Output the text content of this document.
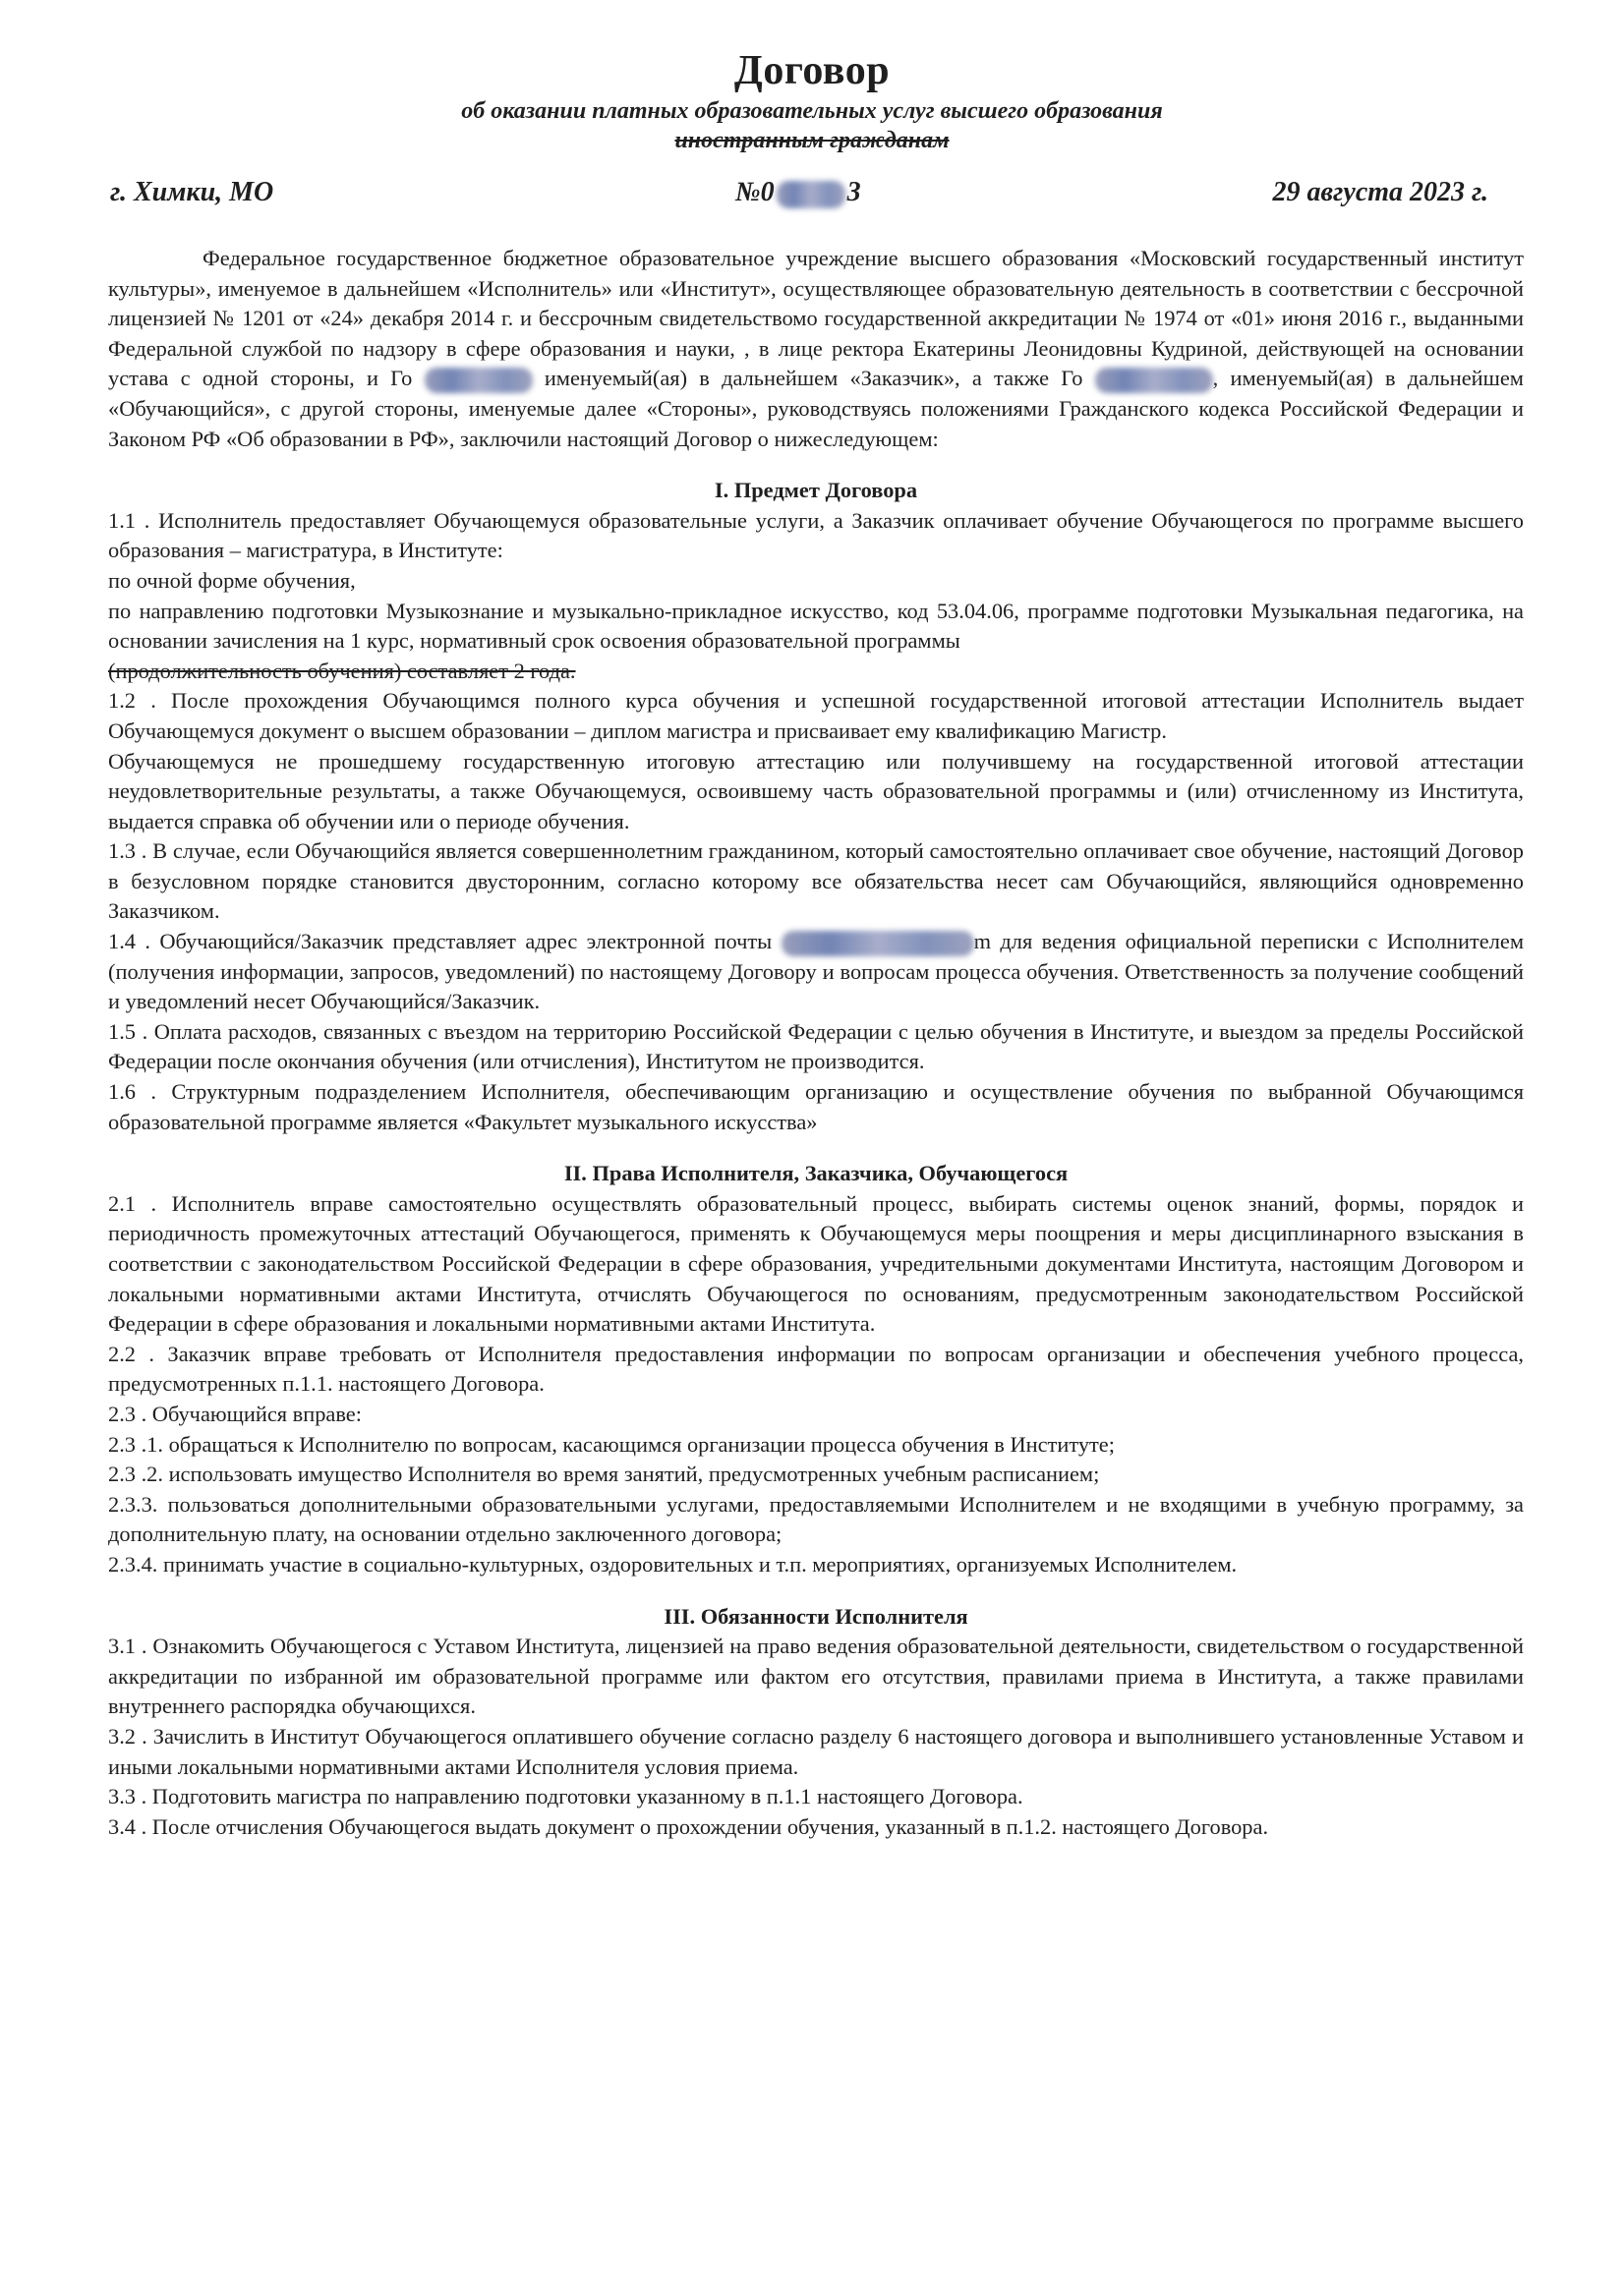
Договор
об оказании платных образовательных услуг высшего образования
иностранным гражданам
г. Химки, МО	№0	3	29 августа 2023 г.

Федеральное государственное бюджетное образовательное учреждение высшего образования «Московский государственный институт культуры», именуемое в дальнейшем «Исполнитель» или «Институт», осуществляющее образовательную деятельность в соответствии с бессрочной лицензией № 1201 от «24» декабря 2014 г. и бессрочным свидетельствомо государственной аккредитации № 1974 от «01» июня 2016 г., выданными Федеральной службой по надзору в сфере образования и науки, , в лице ректора Екатерины Леонидовны Кудриной, действующей на основании устава с одной стороны, и Го	именуемый(ая) в дальнейшем «Заказчик», а также Го	, именуемый(ая) в дальнейшем «Обучающийся», с другой стороны, именуемые далее «Стороны», руководствуясь положениями Гражданского кодекса Российской Федерации и Законом РФ «Об образовании в РФ», заключили настоящий Договор о нижеследующем:

I. Предмет Договора

1.1 . Исполнитель предоставляет Обучающемуся образовательные услуги, а Заказчик оплачивает обучение Обучающегося по программе высшего образования – магистратура, в Институте:

по очной форме обучения,

по направлению подготовки Музыкознание и музыкально-прикладное искусство, код 53.04.06, программе подготовки Музыкальная педагогика, на основании зачисления на 1 курс, нормативный срок освоения образовательной программы

(продолжительность обучения) составляет 2 года.

1.2 . После прохождения Обучающимся полного курса обучения и успешной государственной итоговой аттестации Исполнитель выдает Обучающемуся документ о высшем образовании – диплом магистра и присваивает ему квалификацию Магистр.

Обучающемуся не прошедшему государственную итоговую аттестацию или получившему на государственной итоговой аттестации неудовлетворительные результаты, а также Обучающемуся, освоившему часть образовательной программы и (или) отчисленному из Института, выдается справка об обучении или о периоде обучения.

1.3 . В случае, если Обучающийся является совершеннолетним гражданином, который самостоятельно оплачивает свое обучение, настоящий Договор в безусловном порядке становится двусторонним, согласно которому все обязательства несет сам Обучающийся, являющийся одновременно Заказчиком.

1.4 . Обучающийся/Заказчик представляет адрес электронной почты	m для ведения официальной переписки с Исполнителем (получения информации, запросов, уведомлений) по настоящему Договору и вопросам процесса обучения. Ответственность за получение сообщений и уведомлений несет Обучающийся/Заказчик.

1.5 . Оплата расходов, связанных с въездом на территорию Российской Федерации с целью обучения в Институте, и выездом за пределы Российской Федерации после окончания обучения (или отчисления), Институтом не производится.

1.6 . Структурным подразделением Исполнителя, обеспечивающим организацию и осуществление обучения по выбранной Обучающимся образовательной программе является «Факультет музыкального искусства»

II. Права Исполнителя, Заказчика, Обучающегося

2.1 . Исполнитель вправе самостоятельно осуществлять образовательный процесс, выбирать системы оценок знаний, формы, порядок и периодичность промежуточных аттестаций Обучающегося, применять к Обучающемуся меры поощрения и меры дисциплинарного взыскания в соответствии с законодательством Российской Федерации в сфере образования, учредительными документами Института, настоящим Договором и локальными нормативными актами Института, отчислять Обучающегося по основаниям, предусмотренным законодательством Российской Федерации в сфере образования и локальными нормативными актами Института.

2.2 . Заказчик вправе требовать от Исполнителя предоставления информации по вопросам организации и обеспечения учебного процесса, предусмотренных п.1.1. настоящего Договора.

2.3 . Обучающийся вправе:

2.3 .1. обращаться к Исполнителю по вопросам, касающимся организации процесса обучения в Институте;

2.3 .2. использовать имущество Исполнителя во время занятий, предусмотренных учебным расписанием;

2.3.3. пользоваться дополнительными образовательными услугами, предоставляемыми Исполнителем и не входящими в учебную программу, за дополнительную плату, на основании отдельно заключенного договора;

2.3.4. принимать участие в социально-культурных, оздоровительных и т.п. мероприятиях, организуемых Исполнителем.

III. Обязанности Исполнителя

3.1 . Ознакомить Обучающегося с Уставом Института, лицензией на право ведения образовательной деятельности, свидетельством о государственной аккредитации по избранной им образовательной программе или фактом его отсутствия, правилами приема в Института, а также правилами внутреннего распорядка обучающихся.

3.2 . Зачислить в Институт Обучающегося оплатившего обучение согласно разделу 6 настоящего договора и выполнившего установленные Уставом и иными локальными нормативными актами Исполнителя условия приема.

3.3 . Подготовить магистра по направлению подготовки указанному в п.1.1 настоящего Договора.

3.4 . После отчисления Обучающегося выдать документ о прохождении обучения, указанный в п.1.2. настоящего Договора.
